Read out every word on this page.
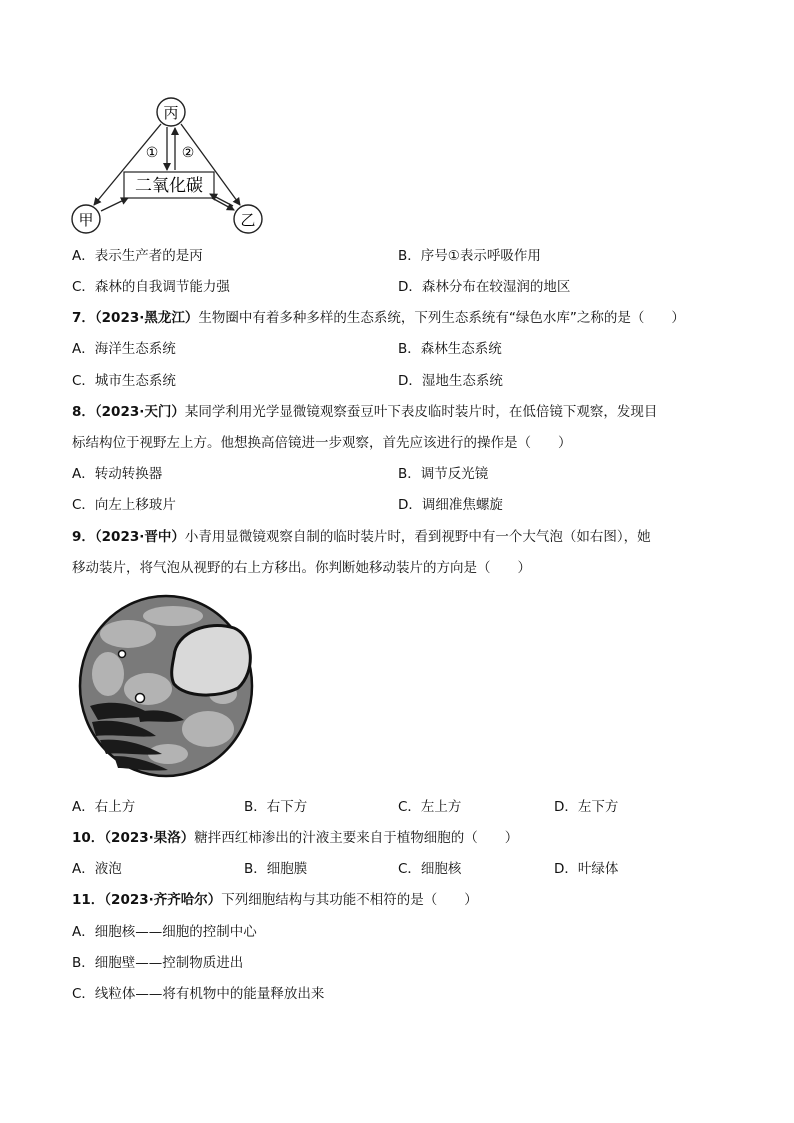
丙
甲	乙
二氧化碳
① ②
A．表示生产者的是丙	B．序号①表示呼吸作用
C．森林的自我调节能力强	D．森林分布在较湿润的地区
7．（2023·黑龙江）生物圈中有着多种多样的生态系统，下列生态系统有“绿色水库”之称的是（　　）
A．海洋生态系统	B．森林生态系统
C．城市生态系统	D．湿地生态系统
8．（2023·天门）某同学利用光学显微镜观察蚕豆叶下表皮临时装片时，在低倍镜下观察，发现目
标结构位于视野左上方。他想换高倍镜进一步观察，首先应该进行的操作是（　　）
A．转动转换器	B．调节反光镜
C．向左上移玻片	D．调细准焦螺旋
9．（2023·晋中）小青用显微镜观察自制的临时装片时，看到视野中有一个大气泡（如右图），她
移动装片，将气泡从视野的右上方移出。你判断她移动装片的方向是（　　）
A．右上方	B．右下方	C．左上方	D．左下方
10．（2023·果洛）糖拌西红柿渗出的汁液主要来自于植物细胞的（　　）
A．液泡	B．细胞膜	C．细胞核	D．叶绿体
11．（2023·齐齐哈尔）下列细胞结构与其功能不相符的是（　　）
A．细胞核——细胞的控制中心
B．细胞壁——控制物质进出
C．线粒体——将有机物中的能量释放出来
